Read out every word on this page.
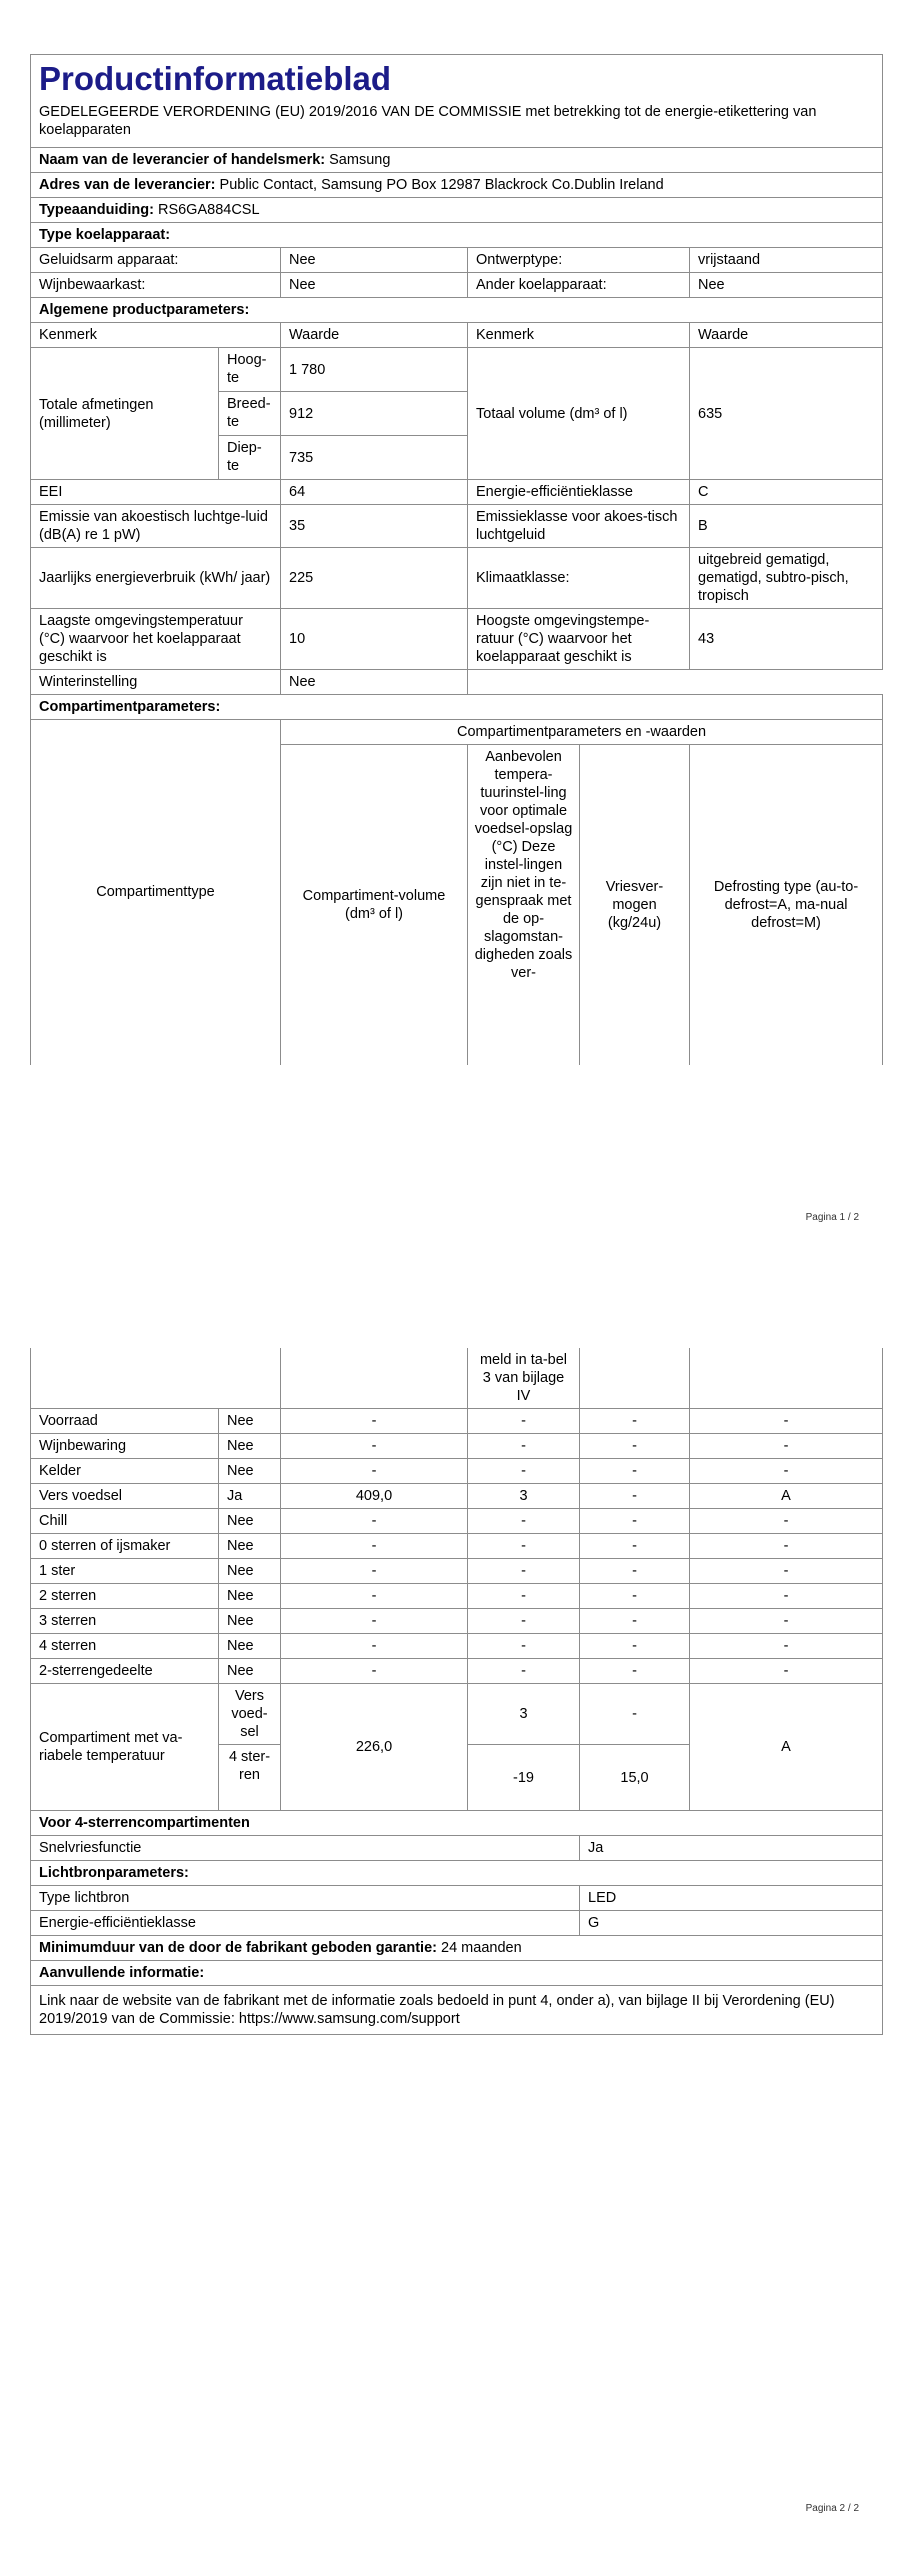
Productinformatieblad
GEDELEGEERDE VERORDENING (EU) 2019/2016 VAN DE COMMISSIE met betrekking tot de energie-etikettering van koelapparaten					

Naam van de leverancier of handelsmerk: Samsung					
Adres van de leverancier: Public Contact, Samsung PO Box 12987 Blackrock Co.Dublin Ireland					
Typeaanduiding: RS6GA884CSL					
Type koelapparaat:					
Geluidsarm apparaat:		Nee	Ontwerptype:		vrijstaand
Wijnbewaarkast:		Nee	Ander koelapparaat:		Nee
Algemene productparameters:					
Kenmerk		Waarde	Kenmerk		Waarde
Totale afmetingen (millimeter)	Hoog-te	1 780	Totaal volume (dm³ of l)		635
	Breed-te	912			
	Diep-te	735			
EEI		64	Energie-efficiëntieklasse		C
Emissie van akoestisch luchtge-luid (dB(A) re 1 pW)		35	Emissieklasse voor akoes-tisch luchtgeluid		B
Jaarlijks energieverbruik (kWh/ jaar)		225	Klimaatklasse:		uitgebreid gematigd, gematigd, subtro-pisch, tropisch
Laagste omgevingstemperatuur (°C) waarvoor het koelapparaat geschikt is		10	Hoogste omgevingstempe-ratuur (°C) waarvoor het koelapparaat geschikt is		43
Winterinstelling		Nee			
Compartimentparameters:					
Compartimenttype		Compartimentparameters en -waarden			
		Compartiment-volume (dm³ of l)	Aanbevolen tempera-tuurinstel-ling voor optimale voedsel-opslag (°C) Deze instel-lingen zijn niet in te-genspraak met de op-slagomstan-digheden zoals ver-	Vriesver-mogen (kg/24u)	Defrosting type (au-to-defrost=A, ma-nual defrost=M)
Pagina 1 / 2
			meld in ta-bel 3 van bijlage IV		
Voorraad	Nee	-	-	-	-
Wijnbewaring	Nee	-	-	-	-
Kelder	Nee	-	-	-	-
Vers voedsel	Ja	409,0	3	-	A
Chill	Nee	-	-	-	-
0 sterren of ijsmaker	Nee	-	-	-	-
1 ster	Nee	-	-	-	-
2 sterren	Nee	-	-	-	-
3 sterren	Nee	-	-	-	-
4 sterren	Nee	-	-	-	-
2-sterrengedeelte	Nee	-	-	-	-
Compartiment met va-riabele temperatuur	Vers voed-sel	226,0	3	-	A
	4 ster-ren		-19	15,0	
Voor 4-sterrencompartimenten					
Snelvriesfunctie				Ja	
Lichtbronparameters:					
Type lichtbron				LED	
Energie-efficiëntieklasse				G	
Minimumduur van de door de fabrikant geboden garantie: 24 maanden					
Aanvullende informatie:					
Link naar de website van de fabrikant met de informatie zoals bedoeld in punt 4, onder a), van bijlage II bij Verordening (EU) 2019/2019 van de Commissie: https://www.samsung.com/support					
Pagina 2 / 2
